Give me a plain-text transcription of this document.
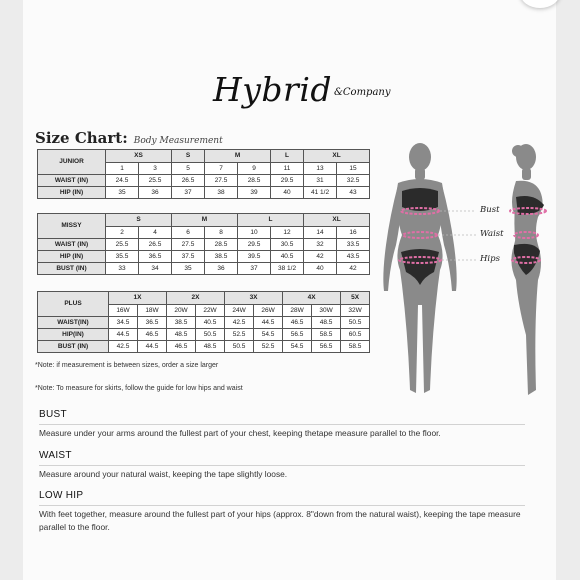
Hybrid $^{\&Company}$
Size Chart: Body Measurement
JUNIOR	XS		S	M		L	XL	
	1	3	5	7	9	11	13	15
WAIST (IN)	24.5	25.5	26.5	27.5	28.5	29.5	31	32.5
HIP (IN)	35	36	37	38	39	40	41 1/2	43
MISSY	S		M		L		XL	
	2	4	6	8	10	12	14	16
WAIST (IN)	25.5	26.5	27.5	28.5	29.5	30.5	32	33.5
HIP (IN)	35.5	36.5	37.5	38.5	39.5	40.5	42	43.5
BUST (IN)	33	34	35	36	37	38 1/2	40	42
PLUS	1X		2X		3X		4X		5X
	16W	18W	20W	22W	24W	26W	28W	30W	32W
WAIST(IN)	34.5	36.5	38.5	40.5	42.5	44.5	46.5	48.5	50.5
HIP(IN)	44.5	46.5	48.5	50.5	52.5	54.5	56.5	58.5	60.5
BUST (IN)	42.5	44.5	46.5	48.5	50.5	52.5	54.5	56.5	58.5
*Note: if measurement is between sizes, order a size larger
*Note: To measure for skirts, follow the guide for low hips and waist
Bust
Waist
Hips
BUST
Measure under your arms around the fullest part of your chest, keeping thetape measure parallel to the floor.
WAIST
Measure around your natural waist, keeping the tape slightly loose.
LOW HIP
With feet together, measure around the fullest part of your hips (approx. 8"down from the natural waist), keeping the tape measure parallel to the floor.
